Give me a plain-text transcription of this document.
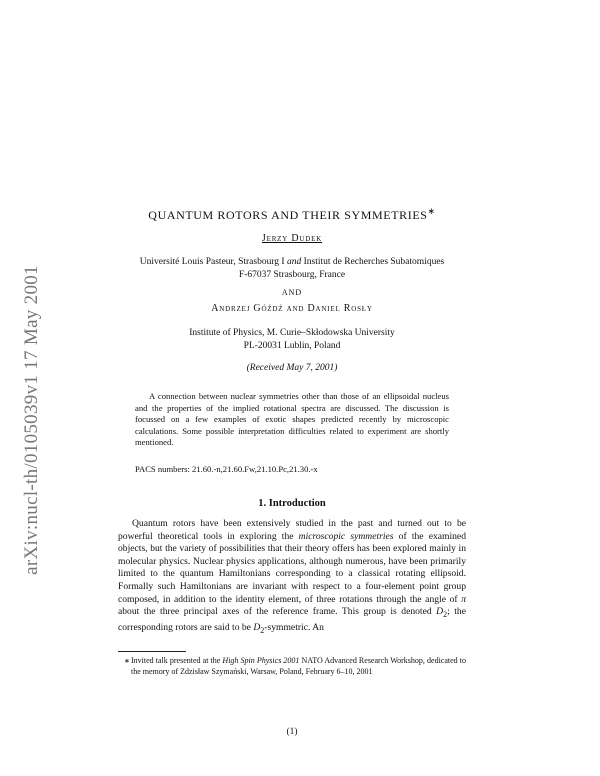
arXiv:nucl-th/0105039v1 17 May 2001
QUANTUM ROTORS AND THEIR SYMMETRIES∗
Jerzy Dudek
Université Louis Pasteur, Strasbourg I and Institut de Recherches Subatomiques
F-67037 Strasbourg, France
AND
Andrzej Góźdź and Daniel Rosły
Institute of Physics, M. Curie–Skłodowska University
PL-20031 Lublin, Poland
(Received May 7, 2001)
A connection between nuclear symmetries other than those of an ellipsoidal nucleus and the properties of the implied rotational spectra are discussed. The discussion is focussed on a few examples of exotic shapes predicted recently by microscopic calculations. Some possible interpretation difficulties related to experiment are shortly mentioned.
PACS numbers: 21.60.-n,21.60.Fw,21.10.Pc,21.30.-x
1. Introduction
Quantum rotors have been extensively studied in the past and turned out to be powerful theoretical tools in exploring the microscopic symmetries of the examined objects, but the variety of possibilities that their theory offers has been explored mainly in molecular physics. Nuclear physics applications, although numerous, have been primarily limited to the quantum Hamiltonians corresponding to a classical rotating ellipsoid. Formally such Hamiltonians are invariant with respect to a four-element point group composed, in addition to the identity element, of three rotations through the angle of π about the three principal axes of the reference frame. This group is denoted $D_2$; the corresponding rotors are said to be $D_2$-symmetric. An
∗ Invited talk presented at the High Spin Physics 2001 NATO Advanced Research Workshop, dedicated to the memory of Zdzisław Szymański, Warsaw, Poland, February 6–10, 2001
(1)
